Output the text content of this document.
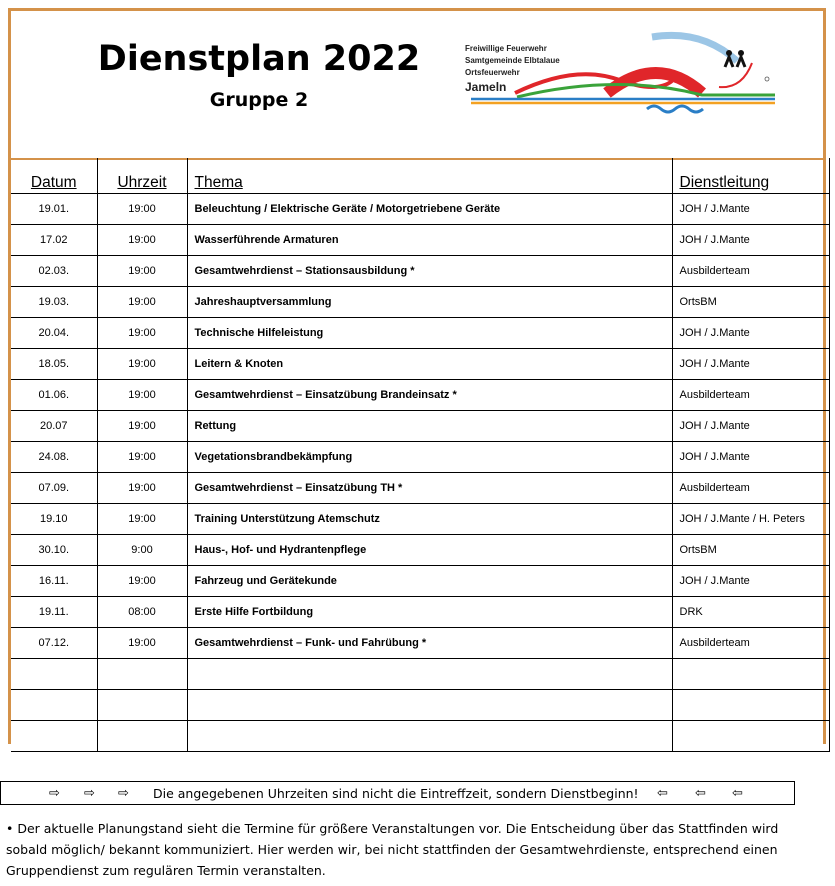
Dienstplan 2022
Gruppe 2
Freiwillige Feuerwehr
Samtgemeinde Elbtalaue
Ortsfeuerwehr
Jameln
Datum	Uhrzeit	Thema	Dienstleitung
19.01.	19:00	Beleuchtung / Elektrische Geräte / Motorgetriebene Geräte	JOH / J.Mante
17.02	19:00	Wasserführende Armaturen	JOH / J.Mante
02.03.	19:00	Gesamtwehrdienst – Stationsausbildung *	Ausbilderteam
19.03.	19:00	Jahreshauptversammlung	OrtsBM
20.04.	19:00	Technische Hilfeleistung	JOH / J.Mante
18.05.	19:00	Leitern & Knoten	JOH / J.Mante
01.06.	19:00	Gesamtwehrdienst – Einsatzübung Brandeinsatz *	Ausbilderteam
20.07	19:00	Rettung	JOH / J.Mante
24.08.	19:00	Vegetationsbrandbekämpfung	JOH / J.Mante
07.09.	19:00	Gesamtwehrdienst – Einsatzübung TH *	Ausbilderteam
19.10	19:00	Training Unterstützung Atemschutz	JOH / J.Mante / H. Peters
30.10.	9:00	Haus-, Hof- und Hydrantenpflege	OrtsBM
16.11.	19:00	Fahrzeug und Gerätekunde	JOH / J.Mante
19.11.	08:00	Erste Hilfe Fortbildung	DRK
07.12.	19:00	Gesamtwehrdienst – Funk- und Fahrübung *	Ausbilderteam

⇨ ⇨ ⇨ Die angegebenen Uhrzeiten sind nicht die Eintreffzeit, sondern Dienstbeginn!	⇦ ⇦ ⇦
• Der aktuelle Planungstand sieht die Termine für größere Veranstaltungen vor. Die Entscheidung über das Stattfinden wird sobald möglich/ bekannt kommuniziert. Hier werden wir, bei nicht stattfinden der Gesamtwehrdienste, entsprechend einen Gruppendienst zum regulären Termin veranstalten.
